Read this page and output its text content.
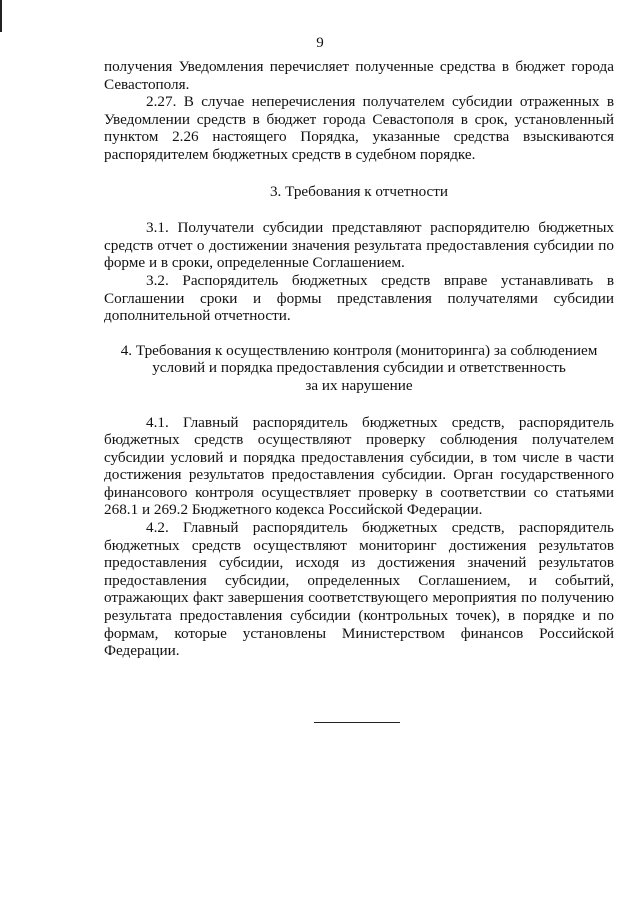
9

получения Уведомления перечисляет полученные средства в бюджет города Севастополя.

2.27. В случае неперечисления получателем субсидии отраженных в Уведомлении средств в бюджет города Севастополя в срок, установленный пунктом 2.26 настоящего Порядка, указанные средства взыскиваются распорядителем бюджетных средств в судебном порядке.

3. Требования к отчетности

3.1. Получатели субсидии представляют распорядителю бюджетных средств отчет о достижении значения результата предоставления субсидии по форме и в сроки, определенные Соглашением.

3.2. Распорядитель бюджетных средств вправе устанавливать в Соглашении сроки и формы представления получателями субсидии дополнительной отчетности.

4. Требования к осуществлению контроля (мониторинга) за соблюдением
условий и порядка предоставления субсидии и ответственность
за их нарушение

4.1. Главный распорядитель бюджетных средств, распорядитель бюджетных средств осуществляют проверку соблюдения получателем субсидии условий и порядка предоставления субсидии, в том числе в части достижения результатов предоставления субсидии. Орган государственного финансового контроля осуществляет проверку в соответствии со статьями 268.1 и 269.2 Бюджетного кодекса Российской Федерации.

4.2. Главный распорядитель бюджетных средств, распорядитель бюджетных средств осуществляют мониторинг достижения результатов предоставления субсидии, исходя из достижения значений результатов предоставления субсидии, определенных Соглашением, и событий, отражающих факт завершения соответствующего мероприятия по получению результата предоставления субсидии (контрольных точек), в порядке и по формам, которые установлены Министерством финансов Российской Федерации.
